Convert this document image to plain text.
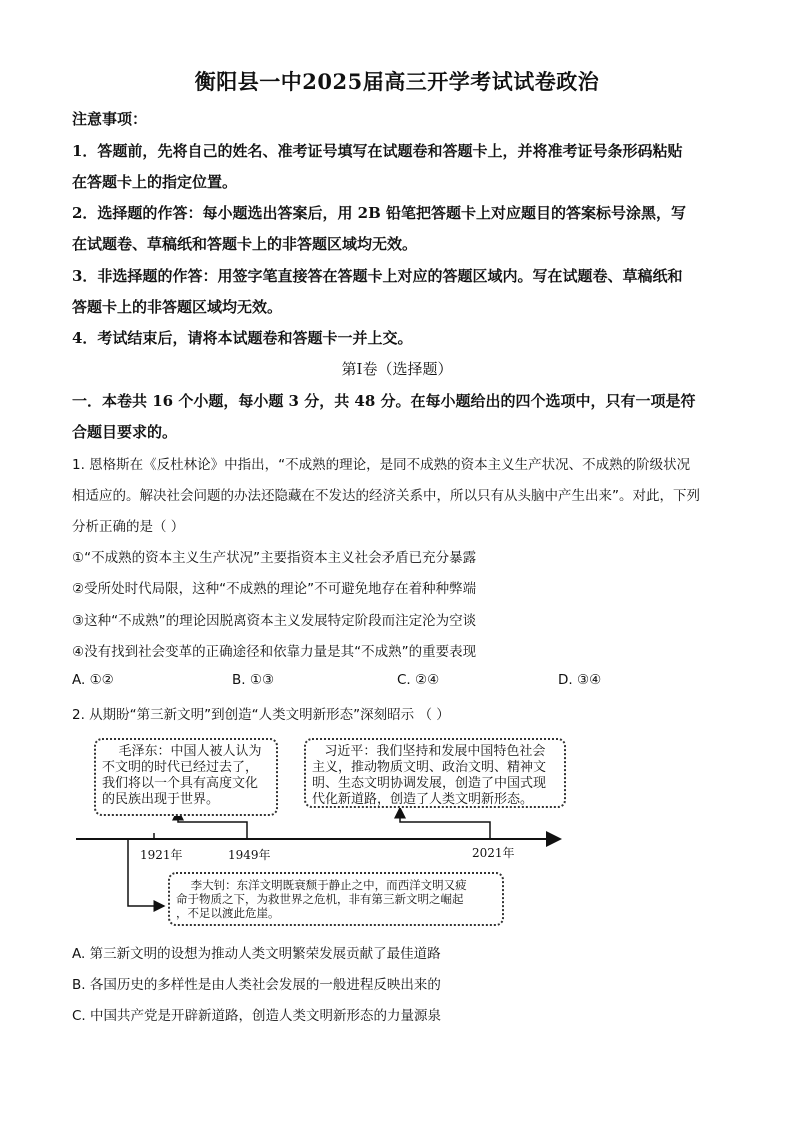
衡阳县一中2025届高三开学考试试卷政治
注意事项：
1．答题前，先将自己的姓名、准考证号填写在试题卷和答题卡上，并将准考证号条形码粘贴
在答题卡上的指定位置。
2．选择题的作答：每小题选出答案后，用 2B 铅笔把答题卡上对应题目的答案标号涂黑，写
在试题卷、草稿纸和答题卡上的非答题区域均无效。
3．非选择题的作答：用签字笔直接答在答题卡上对应的答题区域内。写在试题卷、草稿纸和
答题卡上的非答题区域均无效。
4．考试结束后，请将本试题卷和答题卡一并上交。
第Ⅰ卷（选择题）
一．本卷共 16 个小题，每小题 3 分，共 48 分。在每小题给出的四个选项中，只有一项是符
合题目要求的。
1. 恩格斯在《反杜林论》中指出，“不成熟的理论，是同不成熟的资本主义生产状况、不成熟的阶级状况
相适应的。解决社会问题的办法还隐藏在不发达的经济关系中，所以只有从头脑中产生出来”。对此，下列
分析正确的是（ ）
①“不成熟的资本主义生产状况”主要指资本主义社会矛盾已充分暴露
②受所处时代局限，这种“不成熟的理论”不可避免地存在着种种弊端
③这种“不成熟”的理论因脱离资本主义发展特定阶段而注定沦为空谈
④没有找到社会变革的正确途径和依靠力量是其“不成熟”的重要表现
A. ①②	B. ①③	C. ②④	D. ③④
2. 从期盼“第三新文明”到创造“人类文明新形态”深刻昭示 （ ）
毛泽东：中国人被人认为
不文明的时代已经过去了，
我们将以一个具有高度文化
的民族出现于世界。
习近平：我们坚持和发展中国特色社会
主义，推动物质文明、政治文明、精神文
明、生态文明协调发展，创造了中国式现
代化新道路，创造了人类文明新形态。
李大钊：东洋文明既衰颓于静止之中，而西洋文明又疲
命于物质之下，为救世界之危机，非有第三新文明之崛起
，不足以渡此危崖。
1921年	1949年	2021年
A. 第三新文明的设想为推动人类文明繁荣发展贡献了最佳道路
B. 各国历史的多样性是由人类社会发展的一般进程反映出来的
C. 中国共产党是开辟新道路，创造人类文明新形态的力量源泉
